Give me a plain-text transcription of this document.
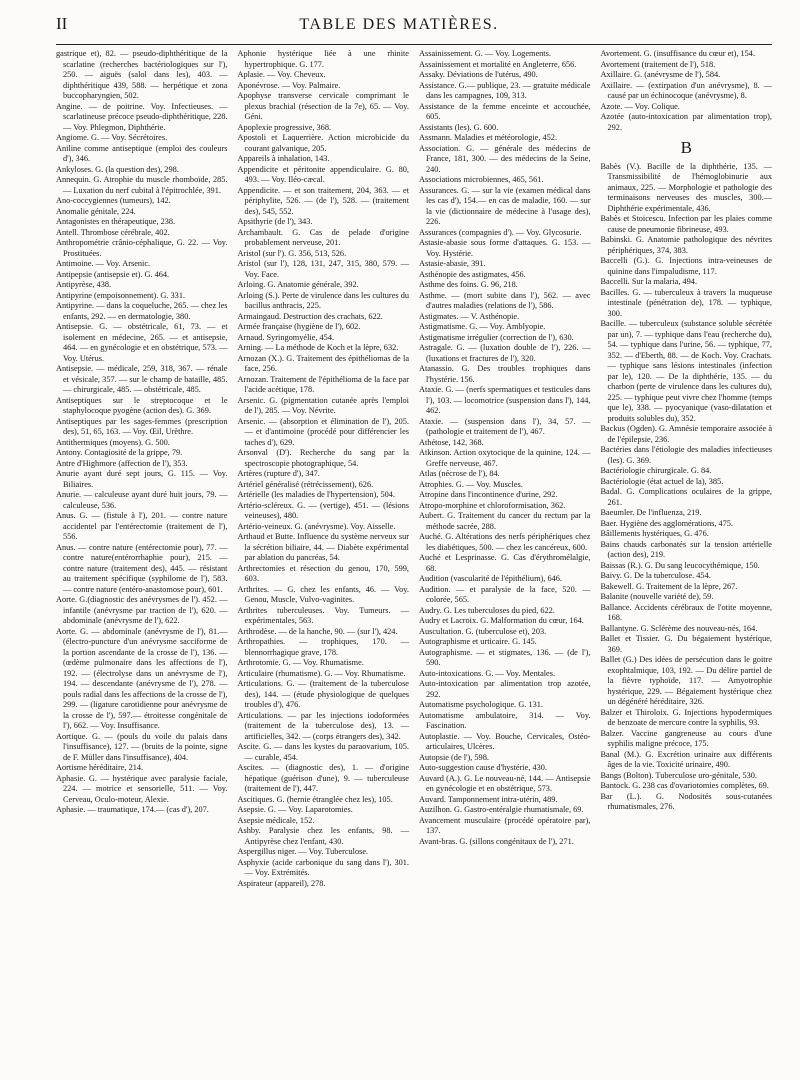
II	TABLE DES MATIÈRES.

gastrique et), 82. — pseudo-diphthéritique de la scarlatine (recherches bactériologiques sur l'), 250. — aiguës (salol dans les), 403. — diphthéritique 439, 588. — herpétique et zona buccopharyngien, 502.

Angine. — de poitrine. Voy. Infectieuses. — scarlatineuse précoce pseudo-diphthéritique, 228. — Voy. Phlegmon, Diphthérie.

Angiome. G. — Voy. Sécrétoires.

Aniline comme antiseptique (emploi des couleurs d'), 346.

Ankyloses. G. (la question des), 298.

Annequin. G. Atrophie du muscle rhomboïde, 285. — Luxation du nerf cubital à l'épitrochlée, 391.

Ano-coccygiennes (tumeurs), 142.

Anomalie génitale, 224.

Antagonistes en thérapeutique, 238.

Antell. Thrombose cérébrale, 402.

Anthropométrie crânio-céphalique, G. 22. — Voy. Prostituées.

Antimoine. — Voy. Arsenic.

Antipepsie (antisepsie et). G. 464.

Antipyrèse, 438.

Antipyrine (empoisonnement). G. 331.

Antipyrine. — dans la coqueluche, 265. — chez les enfants, 292. — en dermatologie, 380.

Antisepsie. G. — obstétricale, 61, 73. — et isolement en médecine, 265. — et antisepsie, 464. — en gynécologie et en obstétrique, 573. — Voy. Utérus.

Antisepsie. — médicale, 259, 318, 367. — rénale et vésicale, 357. — sur le champ de bataille, 485. — chirurgicale, 485. — obstétricale, 485.

Antiseptiques sur le streptocoque et le staphylocoque pyogène (action des). G. 369.

Antiseptiques par les sages-femmes (prescription des), 51, 65, 163. — Voy. Œil, Urèthre.

Antithermiques (moyens). G. 500.

Antony. Contagiosité de la grippe, 79.

Antre d'Highmore (affection de l'), 353.

Anurie ayant duré sept jours, G. 115. — Voy. Biliaires.

Anurie. — calculeuse ayant duré huit jours, 79. — calculeuse, 536.

Anus. G. — (fistule à l'), 201. — contre nature accidentel par l'entérectomie (traitement de l'), 556.

Anus. — contre nature (entérectomie pour), 77. — contre nature(entérorrhaphie pour), 215. — contre nature (traitement des), 445. — résistant au traitement spécifique (syphilome de l'), 583. — contre nature (entéro-anastomose pour), 601.

Aorte. G.(diagnostic des anévrysmes de l'). 452. — infantile (anévrysme par traction de l'), 620. — abdominale (anévrysme de l'), 622.

Aorte. G. — abdominale (anévrysme de l'), 81.—(électro-puncture d'un anévrysme sacciforme de la portion ascendante de la crosse de l'), 136. — (œdème pulmonaire dans les affections de l'), 192. — (électrolyse dans un anévrysme de l'), 194. — descendante (anévrysme de l'), 278. — pouls radial dans les affections de la crosse de l'), 299. — (ligature carotidienne pour anévrysme de la crosse de l'), 597.— étroitesse congénitale de l'), 662. — Voy. Insuffisance.

Aortique. G. — (pouls du voile du palais dans l'insuffisance), 127. — (bruits de la pointe, signe de F. Müller dans l'insuffisance), 404.

Aortisme héréditaire, 214.

Aphasie. G. — hystérique avec paralysie faciale, 224. — motrice et sensorielle, 511. — Voy. Cerveau, Oculo-moteur, Alexie.

Aphasie. — traumatique, 174.— (cas d'), 207.

Aphonie hystérique liée à une rhinite hypertrophique. G. 177.

Aplasie. — Voy. Cheveux.

Aponévrose. — Voy. Palmaire.

Apophyse transverse cervicale comprimant le plexus brachial (résection de la 7e), 65. — Voy. Géni.

Apoplexie progressive, 368.

Apostoli et Laquerrière. Action microbicide du courant galvanique, 205.

Appareils à inhalation, 143.

Appendicite et péritonite appendiculaire. G. 80, 493. — Voy. Iléo-cæcal.

Appendicite. — et son traitement, 204, 363. — et périphylite, 526. — (de l'), 528. — (traitement des), 545, 552.

Apsithyrie (de l'), 343.

Archambault. G. Cas de pelade d'origine probablement nerveuse, 201.

Aristol (sur l'). G. 356, 513, 526.

Aristol (sur l'), 128, 131, 247, 315, 380, 579. — Voy. Face.

Arloing. G. Anatomie générale, 392.

Arloing (S.). Perte de virulence dans les cultures du bacillus anthracis, 225.

Armaingaud. Destruction des crachats, 622.

Armée française (hygiène de l'), 602.

Arnaud. Syringomyélie, 454.

Arning. — La méthode de Koch et la lèpre, 632.

Arnozan (X.). G. Traitement des épithéliomas de la face, 256.

Arnozan. Traitement de l'épithélioma de la face par l'acide acétique, 178.

Arsenic. G. (pigmentation cutanée après l'emploi de l'), 285. — Voy. Névrite.

Arsenic. — (absorption et élimination de l'), 205. — et d'antimoine (procédé pour différencier les taches d'), 629.

Arsonval (D'). Recherche du sang par la spectroscopie photographique, 54.

Artères (rupture d'), 347.

Artériel généralisé (rétrécissement), 626.

Artérielle (les maladies de l'hypertension), 504.

Artério-scléreux. G. — (vertige), 451. — (lésions veineuses), 480.

Artério-veineux. G. (anévrysme). Voy. Aisselle.

Arthaud et Butte. Influence du système nerveux sur la sécrétion biliaire, 44. — Diabète expérimental par ablation du pancréas, 54.

Arthrectomies et résection du genou, 170, 599, 603.

Arthrites. — G. chez les enfants, 46. — Voy. Genou, Muscle, Vulvo-vaginites.

Arthrites tuberculeuses. Voy. Tumeurs. — expérimentales, 563.

Arthrodèse. — de la hanche, 90. — (sur l'), 424.

Arthropathies. — trophiques, 170. — blennorrhagique grave, 178.

Arthrotomie. G. — Voy. Rhumatisme.

Articulaire (rhumatisme). G. — Voy. Rhumatisme.

Articulations. G. — (traitement de la tuberculose des), 144. — (étude physiologique de quelques troubles d'), 476.

Articulations. — par les injections iodoformées (traitement de la tuberculose des), 13. — artificielles, 342. — (corps étrangers des), 342.

Ascite. G. — dans les kystes du paraovarium, 105. — curable, 454.

Ascites. — (diagnostic des), 1. — d'origine hépatique (guérison d'une), 9. — tuberculeuse (traitement de l'), 447.

Ascitiques. G. (hernie étranglée chez les), 105.

Asepsie. G. — Voy. Laparotomies.

Asepsie médicale, 152.

Ashby. Paralysie chez les enfants, 98. — Antipyrèse chez l'enfant, 430.

Aspergillus niger. — Voy. Tuberculose.

Asphyxie (acide carbonique du sang dans l'), 301. — Voy. Extrémités.

Aspirateur (appareil), 278.

Assainissement. G. — Voy. Logements.

Assainissement et mortalité en Angleterre, 656.

Assaky. Déviations de l'utérus, 490.

Assistance. G.— publique, 23. — gratuite médicale dans les campagnes, 109, 313.

Assistance de la femme enceinte et accouchée, 605.

Assistants (les). G. 600.

Assmann. Maladies et météorologie, 452.

Association. G. — générale des médecins de France, 181, 300. — des médecins de la Seine, 240.

Associations microbiennes, 465, 561.

Assurances. G. — sur la vie (examen médical dans les cas d'), 154.— en cas de maladie, 160. — sur la vie (dictionnaire de médecine à l'usage des), 226.

Assurances (compagnies d'). — Voy. Glycosurie.

Astasie-abasie sous forme d'attaques. G. 153. — Voy. Hystérie.

Astasie-abasie, 391.

Asthénopie des astigmates, 456.

Asthme des foins. G. 96, 218.

Asthme. — (mort subite dans l'), 562. — avec d'autres maladies (relations de l'), 586.

Astigmates. — V. Asthénopie.

Astigmatisme. G. — Voy. Amblyopie.

Astigmatisme irrégulier (correction de l'), 630.

Astragale. G. — (luxation double de l'), 226. — (luxations et fractures de l'), 320.

Atanassio. G. Des troubles trophiques dans l'hystérie. 156.

Ataxie. G. — (nerfs spermatiques et testicules dans l'), 103. — locomotrice (suspension dans l'), 144, 462.

Ataxie. — (suspension dans l'), 34, 57. — (pathologie et traitement de l'), 467.

Athétose, 142, 368.

Atkinson. Action oxytocique de la quinine, 124. — Greffe nerveuse, 467.

Atlas (nécrose de l'), 84.

Atrophies. G. — Voy. Muscles.

Atropine dans l'incontinence d'urine, 292.

Atropo-morphine et chloroformisation, 362.

Aubert. G. Traitement du cancer du rectum par la méthode sacrée, 288.

Auché. G. Altérations des nerfs périphériques chez les diabétiques, 500. — chez les cancéreux, 600.

Auché et Lesprinasse. G. Cas d'érythromélalgie, 68.

Audition (vascularité de l'épithélium), 646.

Audition. — et paralysie de la face, 520. — colorée, 565.

Audry. G. Les tuberculoses du pied, 622.

Audry et Lacroix. G. Malformation du cœur, 164.

Auscultation. G. (tuberculose et), 203.

Autographisme et urticaire. G. 145.

Autographisme. — et stigmates, 136. — (de l'), 590.

Auto-intoxications. G. — Voy. Mentales.

Auto-intoxication par alimentation trop azotée, 292.

Automatisme psychologique. G. 131.

Automatisme ambulatoire, 314. — Voy. Fascination.

Autoplastie. — Voy. Bouche, Cervicales, Ostéo-articulaires, Ulcères.

Autopsie (de l'), 598.

Auto-suggestion cause d'hystérie, 430.

Auvard (A.). G. Le nouveau-né, 144. — Antisepsie en gynécologie et en obstétrique, 573.

Auvard. Tamponnement intra-utérin, 489.

Auzilhon. G. Gastro-entéralgie rhumatismale, 69.

Avancement musculaire (procédé opératoire par), 137.

Avant-bras. G. (sillons congénitaux de l'), 271.

Avortement. G. (insuffisance du cœur et), 154.

Avortement (traitement de l'), 518.

Axillaire. G. (anévrysme de l'), 584.

Axillaire. — (extirpation d'un anévrysme), 8. — causé par un échinocoque (anévrysme), 8.

Azote. — Voy. Colique.

Azotée (auto-intoxication par alimentation trop), 292.

B

Babès (V.). Bacille de la diphthérie, 135. — Transmissibilité de l'hémoglobinurie aux animaux, 225. — Morphologie et pathologie des terminaisons nerveuses des muscles, 300.—Diphthérie expérimentale, 436.

Babès et Stoicescu. Infection par les plaies comme cause de pneumonie fibrineuse, 493.

Babinski. G. Anatomie pathologique des névrites périphériques, 374, 383.

Baccelli (G.). G. Injections intra-veineuses de quinine dans l'impaludisme, 117.

Baccelli. Sur la malaria, 494.

Bacilles. G. — tuberculeux à travers la muqueuse intestinale (pénétration de), 178. — typhique, 300.

Bacille. — tuberculeux (substance soluble sécrétée par un), 7. — typhique dans l'eau (recherche du), 54. — typhique dans l'urine, 56. — typhique, 77, 352. — d'Eberth, 88. — de Koch. Voy. Crachats. — typhique sans lésions intestinales (infection par le), 120. — De la diphthérie, 135. — du charbon (perte de virulence dans les cultures du), 225. — typhique peut vivre chez l'homme (temps que le), 338. — pyocyanique (vaso-dilatation et produits solubles du), 352.

Backus (Ogden). G. Amnésie temporaire associée à de l'épilepsie, 236.

Bactéries dans l'étiologie des maladies infectieuses (les). G. 369.

Bactériologie chirurgicale. G. 84.

Bactériologie (état actuel de la), 385.

Badal. G. Complications oculaires de la grippe, 261.

Baeumler. De l'influenza, 219.

Baer. Hygiène des agglomérations, 475.

Bâillements hystériques, G. 476.

Bains chauds carbonatés sur la tension artérielle (action des), 219.

Baissas (R.). G. Du sang leucocythémique, 150.

Baivy. G. De la tuberculose. 454.

Bakewell. G. Traitement de la lèpre, 267.

Balanite (nouvelle variété de), 59.

Ballance. Accidents cérébraux de l'otite moyenne, 168.

Ballantyne. G. Sclérème des nouveau-nés, 164.

Ballet et Tissier. G. Du bégaiement hystérique, 369.

Ballet (G.) Des idées de persécution dans le goitre exophtalmique, 103, 192. — Du délire partiel de la fièvre typhoïde, 117. — Amyotrophie hystérique, 229. — Bégaiement hystérique chez un dégénéré héréditaire, 326.

Balzer et Thiroloix. G. Injections hypodermiques de benzoate de mercure contre la syphilis, 93.

Balzer. Vaccine gangreneuse au cours d'une syphilis maligne précoce, 175.

Banal (M.). G. Excrétion urinaire aux différents âges de la vie. Toxicité urinaire, 490.

Bangs (Bolton). Tuberculose uro-génitale, 530.

Bantock. G. 238 cas d'ovariotomies complètes, 69.

Bar (L.). G. Nodosités sous-cutanées rhumatismales, 276.
